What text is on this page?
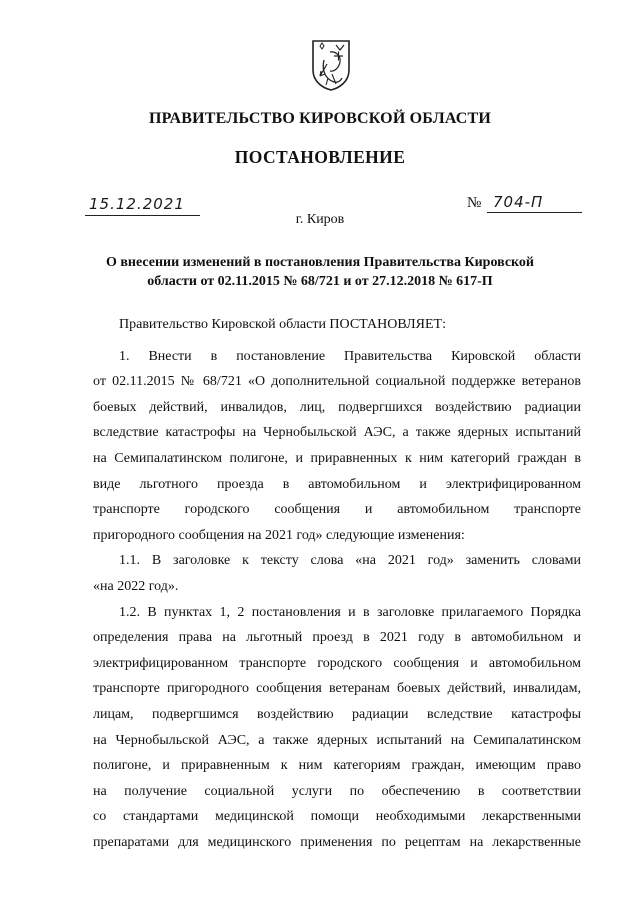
ПРАВИТЕЛЬСТВО КИРОВСКОЙ ОБЛАСТИ
ПОСТАНОВЛЕНИЕ
15.12.2021	№ 704-П
г. Киров
О внесении изменений в постановления Правительства Кировской
области от 02.11.2015 № 68/721 и от 27.12.2018 № 617-П

Правительство Кировской области ПОСТАНОВЛЯЕТ:

1. Внести в постановление Правительства Кировской области

от 02.11.2015 № 68/721 «О дополнительной социальной поддержке ветеранов

боевых действий, инвалидов, лиц, подвергшихся воздействию радиации

вследствие катастрофы на Чернобыльской АЭС, а также ядерных испытаний

на Семипалатинском полигоне, и приравненных к ним категорий граждан в

виде льготного проезда в автомобильном и электрифицированном

транспорте городского сообщения и автомобильном транспорте

пригородного сообщения на 2021 год» следующие изменения:

1.1. В заголовке к тексту слова «на 2021 год» заменить словами

«на 2022 год».

1.2. В пунктах 1, 2 постановления и в заголовке прилагаемого Порядка

определения права на льготный проезд в 2021 году в автомобильном и

электрифицированном транспорте городского сообщения и автомобильном

транспорте пригородного сообщения ветеранам боевых действий, инвалидам,

лицам, подвергшимся воздействию радиации вследствие катастрофы

на Чернобыльской АЭС, а также ядерных испытаний на Семипалатинском

полигоне, и приравненным к ним категориям граждан, имеющим право

на получение социальной услуги по обеспечению в соответствии

со стандартами медицинской помощи необходимыми лекарственными

препаратами для медицинского применения по рецептам на лекарственные
